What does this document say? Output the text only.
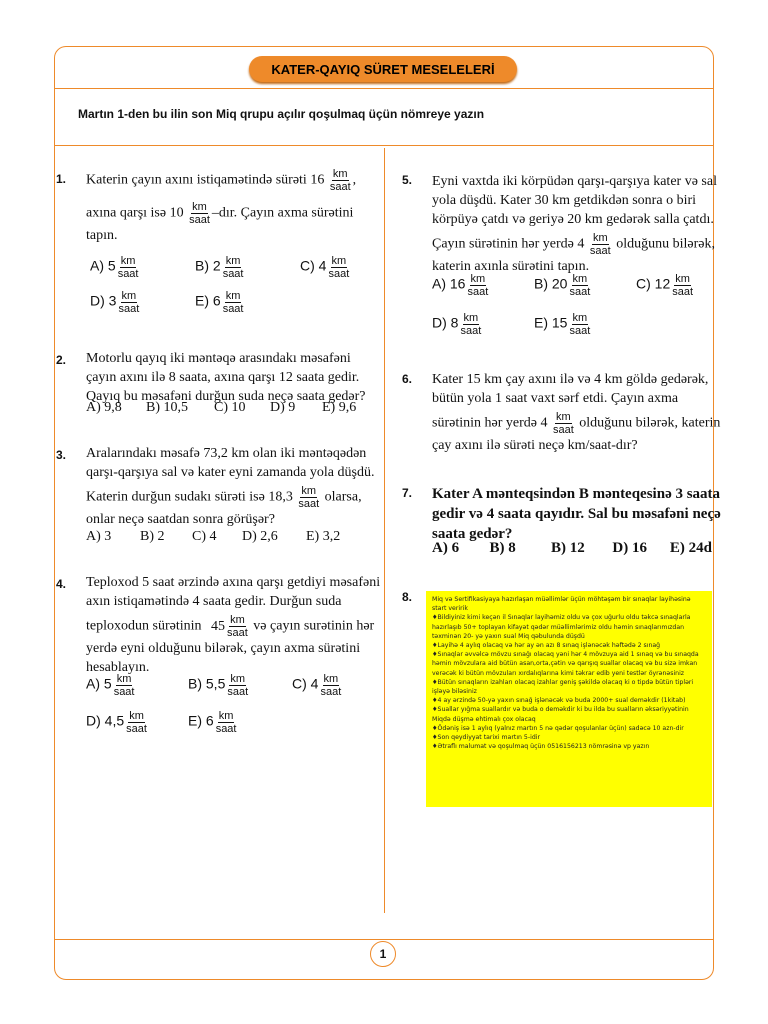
KATER-QAYIQ SÜRET MESELELERİ
Martın 1-den bu ilin son Miq qrupu açılır qoşulmaq üçün nömreye yazın
1. Katerin çayın axını istiqamətində sürəti $16 \frac{km}{\text{saat}}$ ,

axına qarşı isə $10 \frac{km}{\text{saat}}$ –dır. Çayın axma sürətini

tapın.

A) $5 \frac{km}{\text{saat}}$	B) $2 \frac{km}{\text{saat}}$	C) $4 \frac{km}{\text{saat}}$
D) $3 \frac{km}{\text{saat}}$	E) $6 \frac{km}{\text{saat}}$
2. Motorlu qayıq iki məntəqə arasındakı məsafəni

çayın axını ilə 8 saata, axına qarşı 12 saata gedir.

Qayıq bu məsafəni durğun suda neçə saata gedər?

A) 9,8	B) 10,5	C) 10	D) 9	E) 9,6
3. Aralarındakı məsafə 73,2 km olan iki məntəqədən

qarşı-qarşıya sal və kater eyni zamanda yola düşdü.

Katerin durğun sudakı sürəti isə $18,3 \frac{km}{\text{saat}}$ olarsa,

onlar neçə saatdan sonra görüşər?

A) 3	B) 2	C) 4	D) 2,6	E) 3,2
4. Teploxod 5 saat ərzində axına qarşı getdiyi məsafəni

axın istiqamətində 4 saata gedir. Durğun suda

teploxodun sürətinin $45 \frac{km}{\text{saat}}$ və çayın surətinin hər

yerdə eyni olduğunu bilərək, çayın axma sürətini

hesablayın.

A) $5 \frac{km}{\text{saat}}$	B) $5,5 \frac{km}{\text{saat}}$	C) $4 \frac{km}{\text{saat}}$
D) $4,5 \frac{km}{\text{saat}}$	E) $6 \frac{km}{\text{saat}}$
5. Eyni vaxtda iki körpüdən qarşı-qarşıya kater və sal

yola düşdü. Kater 30 km getdikdən sonra o biri

körpüyə çatdı və geriyə 20 km gedərək salla çatdı.

Çayın sürətinin hər yerdə $4 \frac{km}{\text{saat}}$ olduğunu bilərək,

katerin axınla sürətini tapın.

A) $16 \frac{km}{\text{saat}}$	B) $20 \frac{km}{\text{saat}}$	C) $12 \frac{km}{\text{saat}}$
D) $8 \frac{km}{\text{saat}}$	E) $15 \frac{km}{\text{saat}}$
6. Kater 15 km çay axını ilə və 4 km göldə gedərək,

bütün yola 1 saat vaxt sərf etdi. Çayın axma

sürətinin hər yerdə $4 \frac{km}{\text{saat}}$ olduğunu bilərək, katerin

çay axını ilə sürəti neçə km/saat-dır?

7. Kater A mənteqsindən B mənteqesinə 3 saata

gedir və 4 saata qayıdır. Sal bu məsafəni neçə

saata gedər?

A) 6	B) 8	B) 12	D) 16	E) 24d
8.	Miq və Sertifikasiyaya hazırlaşan müəllimlər üçün möhtəşəm bir sınaqlar layihəsinə start veririk
♦Bildiyiniz kimi keçən il Sınaqlar layihəmiz oldu və çox uğurlu oldu təkcə sınaqlarla hazırlaşıb 50+ toplayan kifayət qədər müəllimlərimiz oldu həmin sınaqlarımızdan təxminən 20- yə yaxın sual Miq qəbulunda düşdü
♦Layihə 4 aylıq olacaq və hər ay ən azı 8 sınaq işlənəcək həftədə 2 sınağ
♦Sınaqlar əvvəlcə mövzu sınağı olacaq yəni hər 4 mövzuya aid 1 sınaq və bu sınaqda həmin mövzulara aid bütün asan,orta,çətin və qarışıq suallar olacaq və bu sizə imkan verəcək ki bütün mövzuları xırdalıqlarına kimi təkrar edib yeni testlər öyrənəsiniz
♦Bütün sınaqların izahları olacaq izahlar geniş şəkildə olacaq ki o tipdə bütün tipləri işləyə biləsiniz
♦4 ay ərzində 50-yə yaxın sınağ işlənəcək və buda 2000+ sual deməkdir (1kitab)
♦Suallar yığma suallardır və buda o deməkdir ki bu ilda bu sualların əksəriyyətinin Miqdə düşmə ehtimalı çox olacaq
♦Ödəniş isə 1 aylıq (yalnız martın 5 nə qədər qoşulanlar üçün) sadəcə 10 azn-dir
♦Son qeydiyyat tarixi martın 5-idir
♦Ətraflı malumat və qoşulmaq üçün 0516156213 nömrəsinə vp yazın
1
